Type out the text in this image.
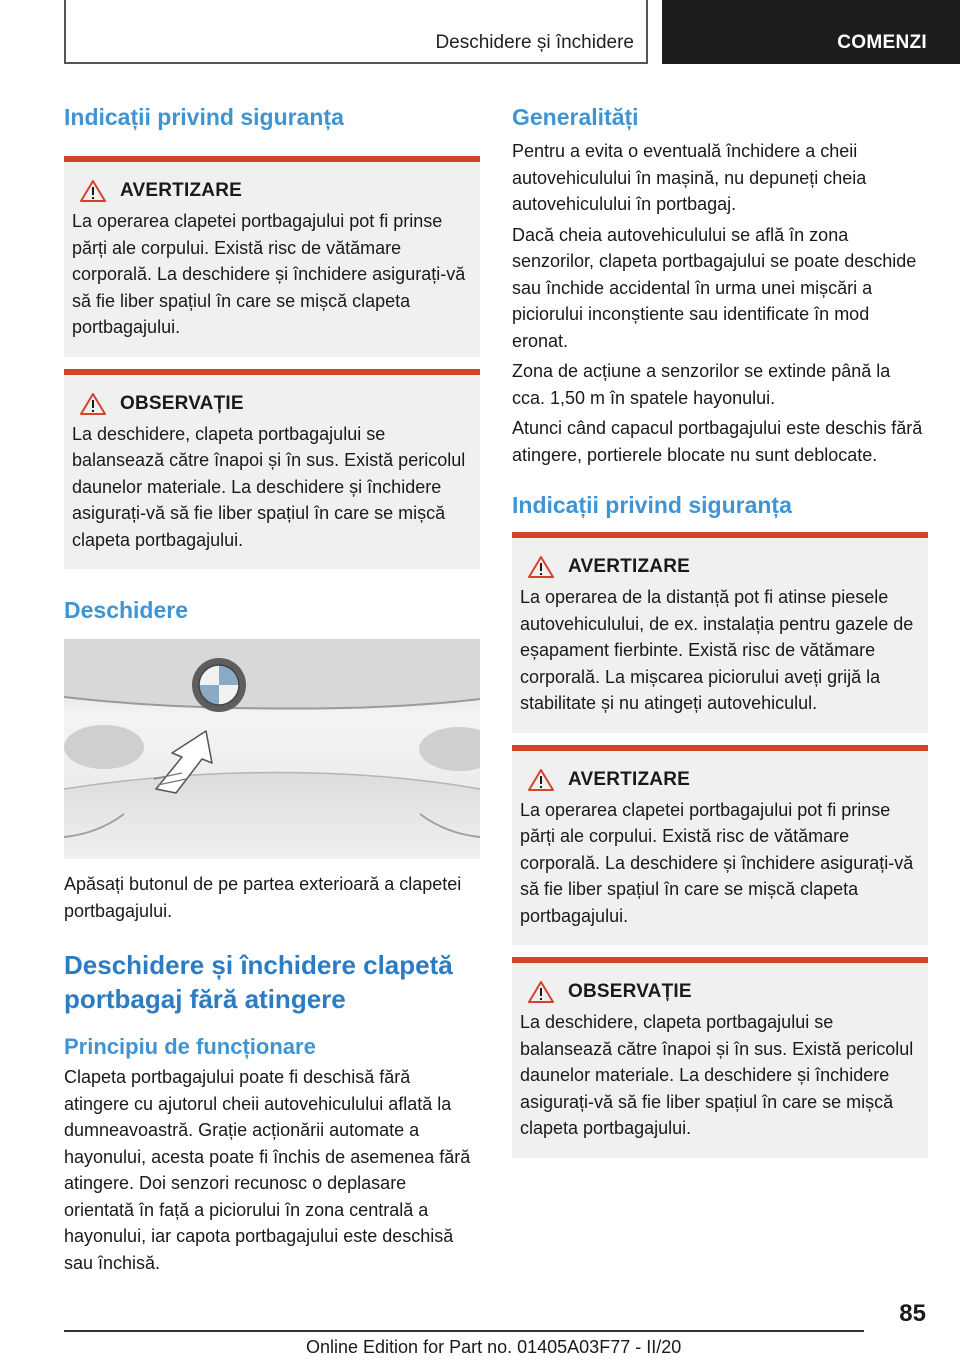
Deschidere și închidere	COMENZI
Indicații privind siguranța
AVERTIZARE

La operarea clapetei portbagajului pot fi prinse părți ale corpului. Există risc de vătămare corporală. La deschidere și închidere asigurați-vă să fie liber spațiul în care se mișcă clapeta portbagajului.

OBSERVAȚIE

La deschidere, clapeta portbagajului se balansează către înapoi și în sus. Există pericolul daunelor materiale. La deschidere și închidere asigurați-vă să fie liber spațiul în care se mișcă clapeta portbagajului.

Deschidere

Apăsați butonul de pe partea exterioară a clapetei portbagajului.

Deschidere și închidere clapetă portbagaj fără atingere
Principiu de funcționare

Clapeta portbagajului poate fi deschisă fără atingere cu ajutorul cheii autovehiculului aflată la dumneavoastră. Grație acționării automate a hayonului, acesta poate fi închis de asemenea fără atingere. Doi senzori recunosc o deplasare orientată în față a piciorului în zona centrală a hayonului, iar capota portbagajului este deschisă sau închisă.

Generalități

Pentru a evita o eventuală închidere a cheii autovehiculului în mașină, nu depuneți cheia autovehiculului în portbagaj.

Dacă cheia autovehiculului se află în zona senzorilor, clapeta portbagajului se poate deschide sau închide accidental în urma unei mișcări a piciorului inconștiente sau identificate în mod eronat.

Zona de acțiune a senzorilor se extinde până la cca. 1,50 m în spatele hayonului.

Atunci când capacul portbagajului este deschis fără atingere, portierele blocate nu sunt deblocate.

Indicații privind siguranța
AVERTIZARE

La operarea de la distanță pot fi atinse piesele autovehiculului, de ex. instalația pentru gazele de eșapament fierbinte. Există risc de vătămare corporală. La mișcarea piciorului aveți grijă la stabilitate și nu atingeți autovehiculul.

AVERTIZARE

La operarea clapetei portbagajului pot fi prinse părți ale corpului. Există risc de vătămare corporală. La deschidere și închidere asigurați-vă să fie liber spațiul în care se mișcă clapeta portbagajului.

OBSERVAȚIE

La deschidere, clapeta portbagajului se balansează către înapoi și în sus. Există pericolul daunelor materiale. La deschidere și închidere asigurați-vă să fie liber spațiul în care se mișcă clapeta portbagajului.

85
Online Edition for Part no. 01405A03F77 - II/20
